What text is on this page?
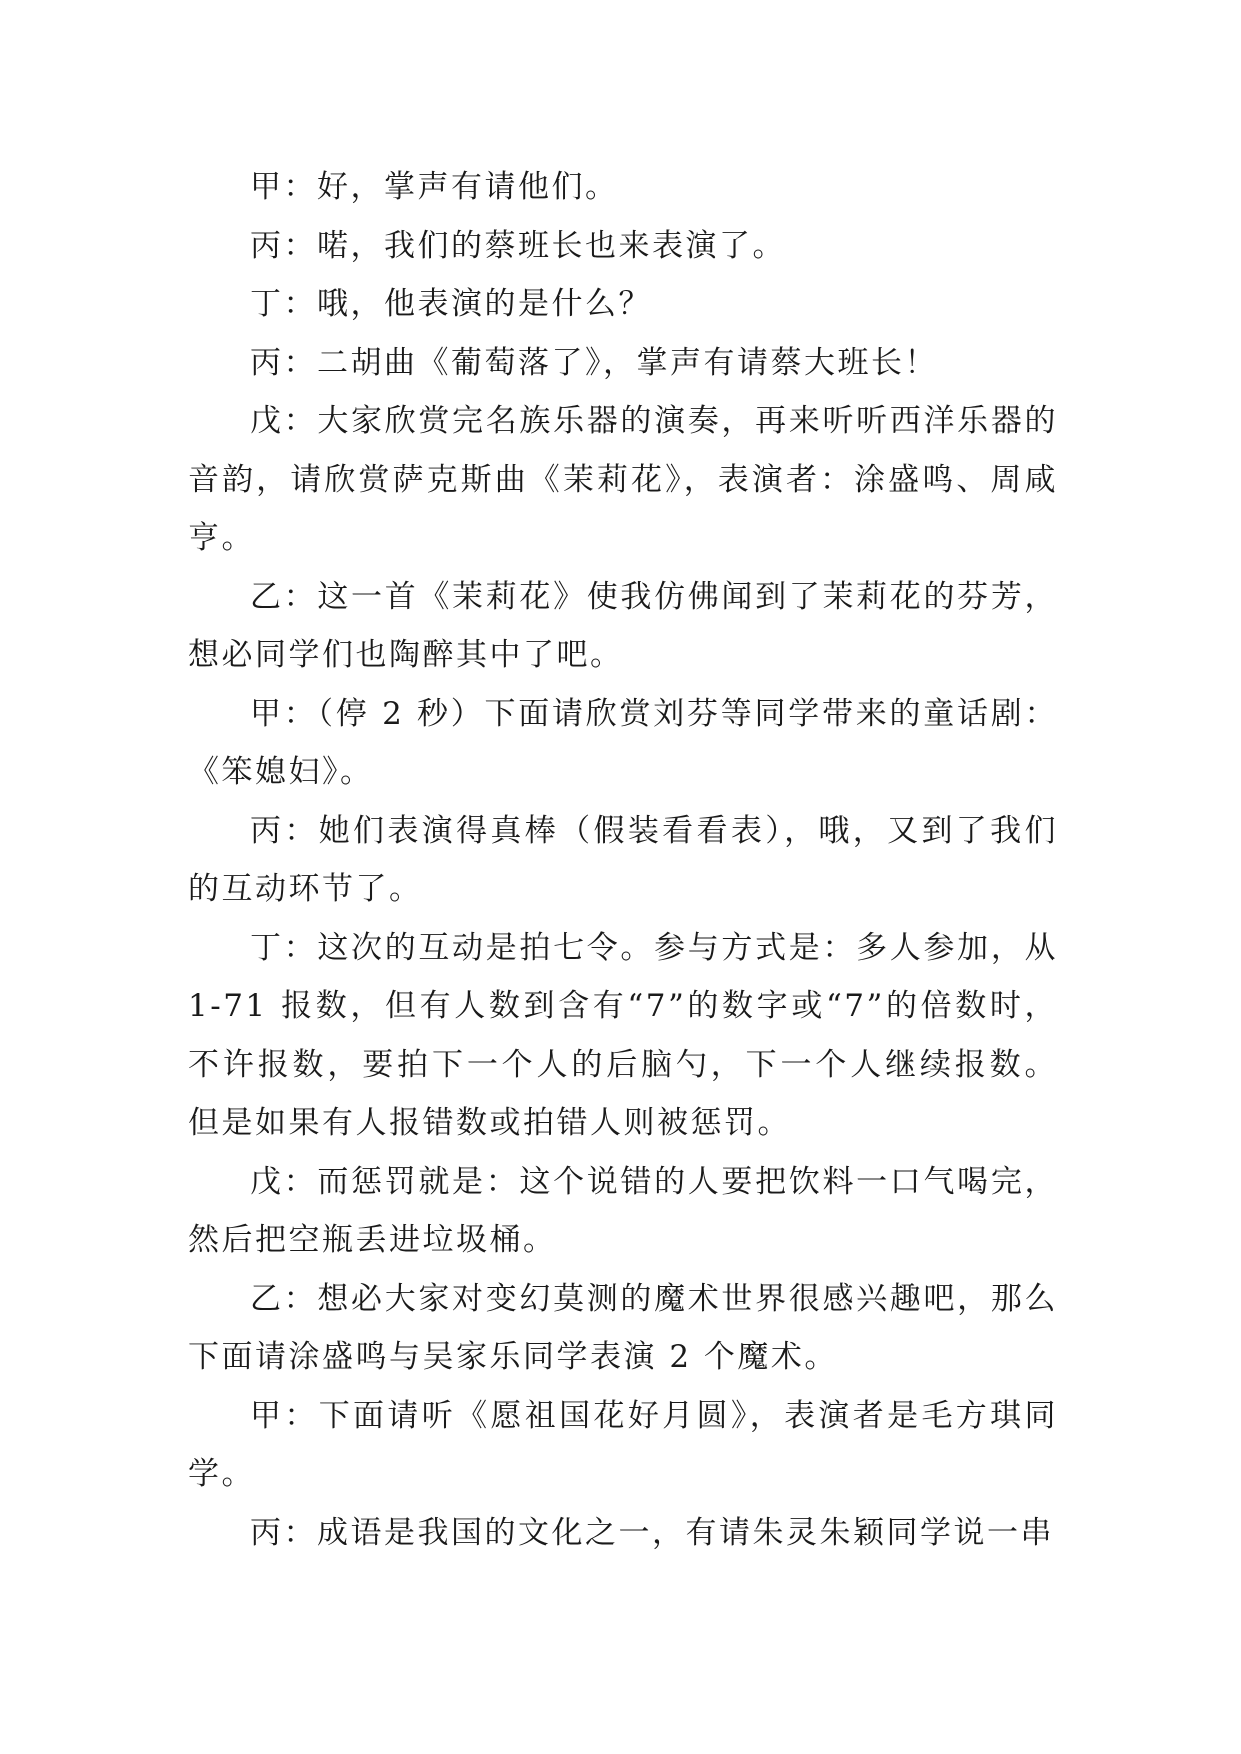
甲：好，掌声有请他们。

丙：喏，我们的蔡班长也来表演了。

丁：哦，他表演的是什么？

丙：二胡曲《葡萄落了》，掌声有请蔡大班长！

戊：大家欣赏完名族乐器的演奏，再来听听西洋乐器的音韵，请欣赏萨克斯曲《茉莉花》，表演者：涂盛鸣、周咸亨。

乙：这一首《茉莉花》使我仿佛闻到了茉莉花的芬芳，想必同学们也陶醉其中了吧。

甲：（停 2 秒）下面请欣赏刘芬等同学带来的童话剧：《笨媳妇》。

丙：她们表演得真棒（假装看看表），哦，又到了我们的互动环节了。

丁：这次的互动是拍七令。参与方式是：多人参加，从 1-71 报数，但有人数到含有“7”的数字或“7”的倍数时，不许报数，要拍下一个人的后脑勺，下一个人继续报数。但是如果有人报错数或拍错人则被惩罚。

戊：而惩罚就是：这个说错的人要把饮料一口气喝完，然后把空瓶丢进垃圾桶。

乙：想必大家对变幻莫测的魔术世界很感兴趣吧，那么下面请涂盛鸣与吴家乐同学表演 2 个魔术。

甲：下面请听《愿祖国花好月圆》，表演者是毛方琪同学。

丙：成语是我国的文化之一，有请朱灵朱颖同学说一串
